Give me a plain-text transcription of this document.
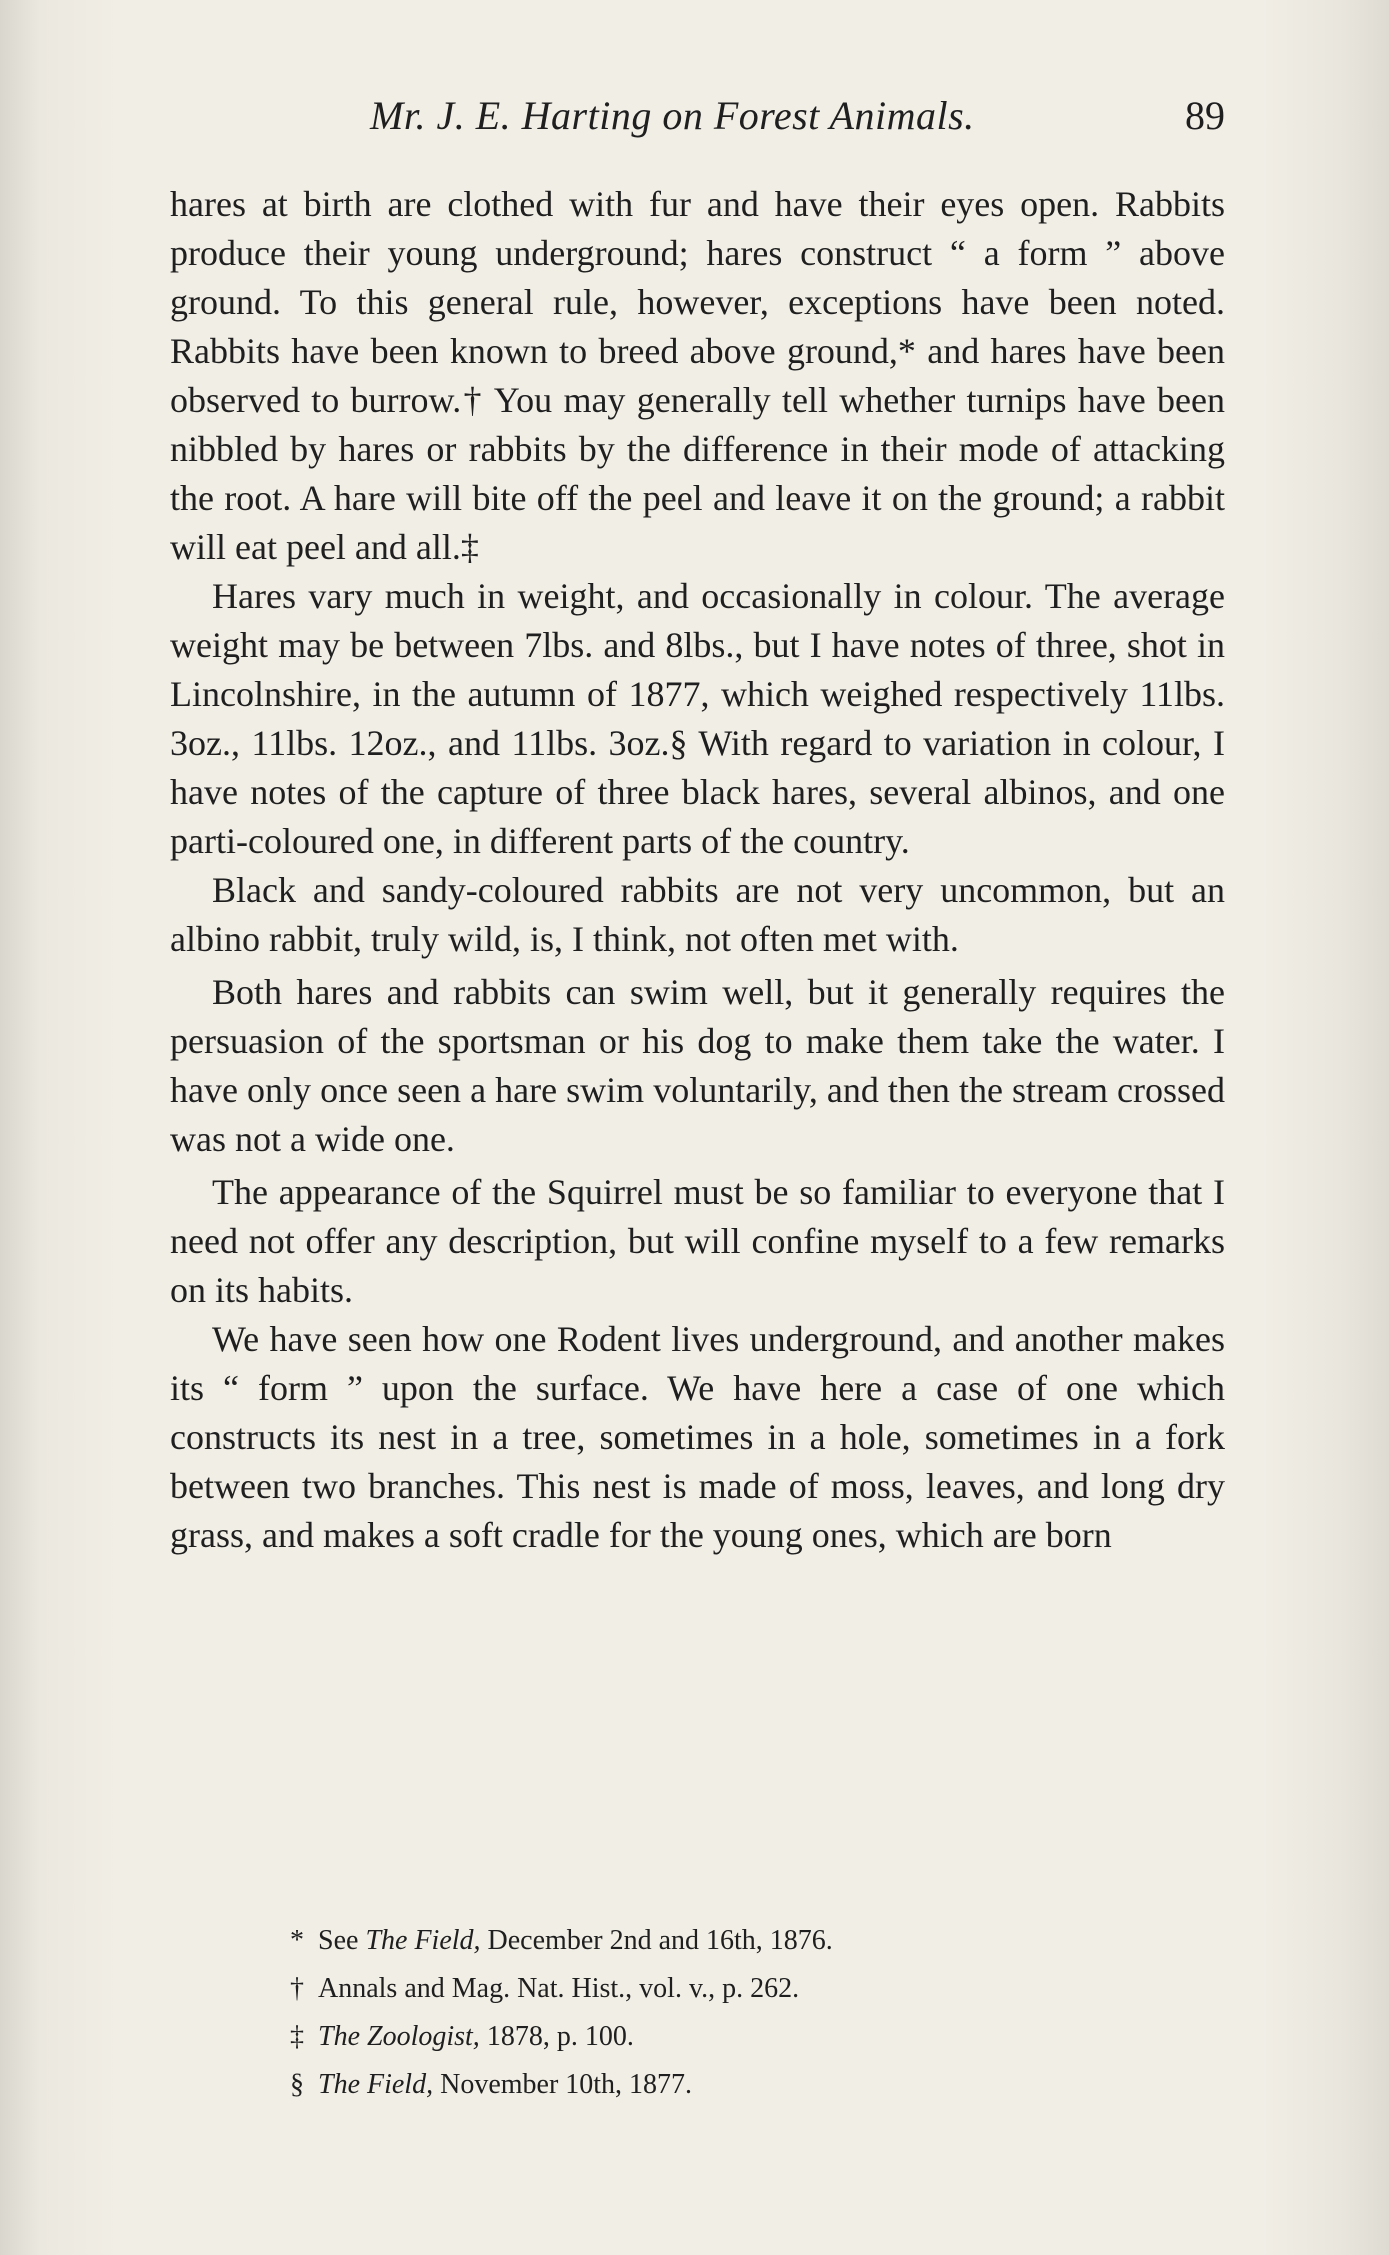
Mr. J. E. Harting on Forest Animals.	89

hares at birth are clothed with fur and have their eyes open. Rabbits produce their young underground; hares construct “ a form ” above ground. To this general rule, however, exceptions have been noted. Rabbits have been known to breed above ground,* and hares have been observed to burrow.† You may generally tell whether turnips have been nibbled by hares or rabbits by the difference in their mode of attacking the root. A hare will bite off the peel and leave it on the ground; a rabbit will eat peel and all.‡

Hares vary much in weight, and occasionally in colour. The average weight may be between 7lbs. and 8lbs., but I have notes of three, shot in Lincolnshire, in the autumn of 1877, which weighed respectively 11lbs. 3oz., 11lbs. 12oz., and 11lbs. 3oz.§ With regard to variation in colour, I have notes of the capture of three black hares, several albinos, and one parti-coloured one, in different parts of the country.

Black and sandy-coloured rabbits are not very uncommon, but an albino rabbit, truly wild, is, I think, not often met with.

Both hares and rabbits can swim well, but it generally requires the persuasion of the sportsman or his dog to make them take the water. I have only once seen a hare swim voluntarily, and then the stream crossed was not a wide one.

The appearance of the Squirrel must be so familiar to everyone that I need not offer any description, but will confine myself to a few remarks on its habits.

We have seen how one Rodent lives underground, and another makes its “ form ” upon the surface. We have here a case of one which constructs its nest in a tree, sometimes in a hole, sometimes in a fork between two branches. This nest is made of moss, leaves, and long dry grass, and makes a soft cradle for the young ones, which are born

* See The Field, December 2nd and 16th, 1876.
† Annals and Mag. Nat. Hist., vol. v., p. 262.
‡ The Zoologist, 1878, p. 100.
§ The Field, November 10th, 1877.
